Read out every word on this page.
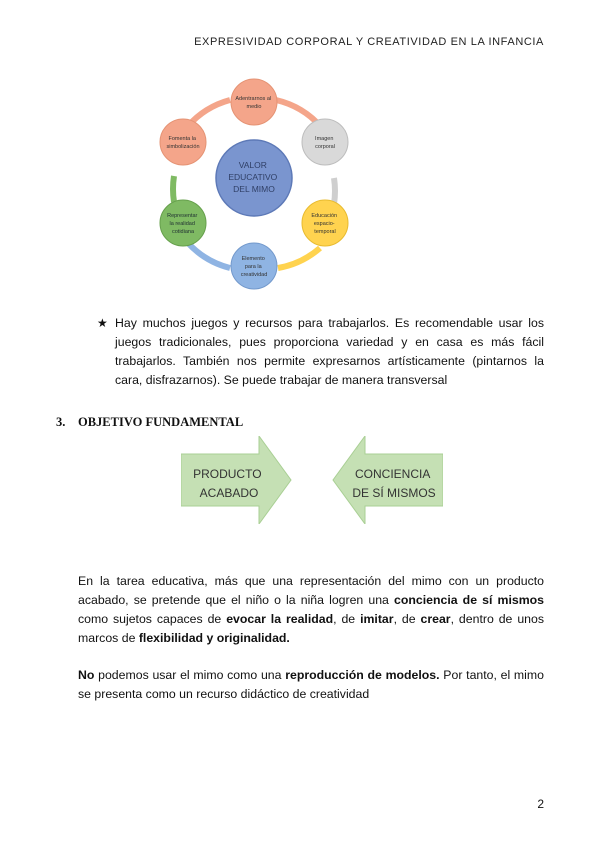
EXPRESIVIDAD CORPORAL Y CREATIVIDAD EN LA INFANCIA
VALOR EDUCATIVO DEL MIMO
Adentrarnos al medio
Imagen corporal
Educación espacio- temporal
Elemento para la creatividad
Representar la realidad cotidiana
Fomenta la simbolización
★ Hay muchos juegos y recursos para trabajarlos. Es recomendable usar los juegos tradicionales, pues proporciona variedad y en casa es más fácil trabajarlos. También nos permite expresarnos artísticamente (pintarnos la cara, disfrazarnos). Se puede trabajar de manera transversal
3. OBJETIVO FUNDAMENTAL
PRODUCTO ACABADO
CONCIENCIA DE SÍ MISMOS
En la tarea educativa, más que una representación del mimo con un producto acabado, se pretende que el niño o la niña logren una conciencia de sí mismos como sujetos capaces de evocar la realidad, de imitar, de crear, dentro de unos marcos de flexibilidad y originalidad.
No podemos usar el mimo como una reproducción de modelos. Por tanto, el mimo se presenta como un recurso didáctico de creatividad
2
